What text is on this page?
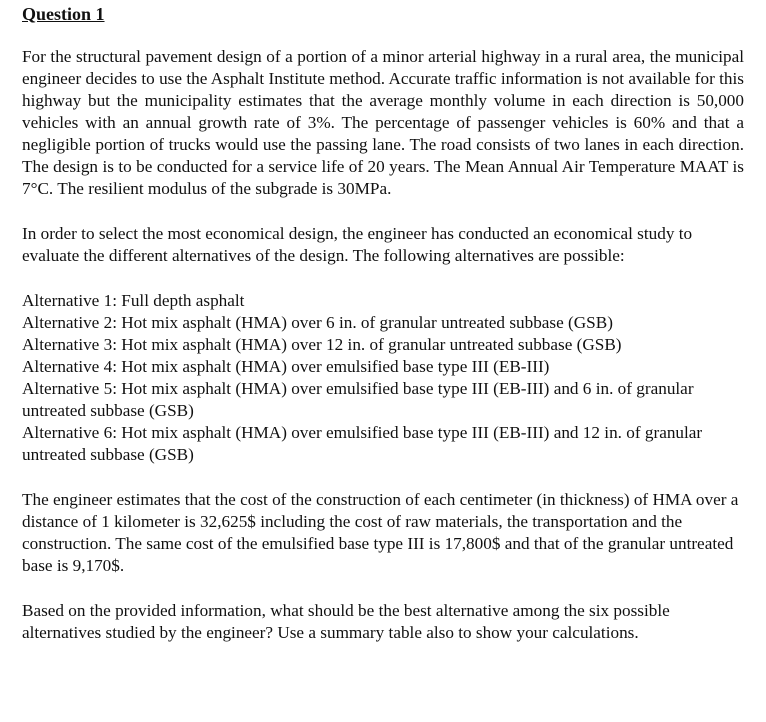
Question 1

For the structural pavement design of a portion of a minor arterial highway in a rural area, the municipal engineer decides to use the Asphalt Institute method. Accurate traffic information is not available for this highway but the municipality estimates that the average monthly volume in each direction is 50,000 vehicles with an annual growth rate of 3%. The percentage of passenger vehicles is 60% and that a negligible portion of trucks would use the passing lane. The road consists of two lanes in each direction. The design is to be conducted for a service life of 20 years. The Mean Annual Air Temperature MAAT is 7°C. The resilient modulus of the subgrade is 30MPa.

In order to select the most economical design, the engineer has conducted an economical study to evaluate the different alternatives of the design. The following alternatives are possible:

Alternative 1: Full depth asphalt
Alternative 2: Hot mix asphalt (HMA) over 6 in. of granular untreated subbase (GSB)
Alternative 3: Hot mix asphalt (HMA) over 12 in. of granular untreated subbase (GSB)
Alternative 4: Hot mix asphalt (HMA) over emulsified base type III (EB-III)
Alternative 5: Hot mix asphalt (HMA) over emulsified base type III (EB-III) and 6 in. of granular untreated subbase (GSB)
Alternative 6: Hot mix asphalt (HMA) over emulsified base type III (EB-III) and 12 in. of granular untreated subbase (GSB)

The engineer estimates that the cost of the construction of each centimeter (in thickness) of HMA over a distance of 1 kilometer is 32,625$ including the cost of raw materials, the transportation and the construction. The same cost of the emulsified base type III is 17,800$ and that of the granular untreated base is 9,170$.

Based on the provided information, what should be the best alternative among the six possible alternatives studied by the engineer? Use a summary table also to show your calculations.
